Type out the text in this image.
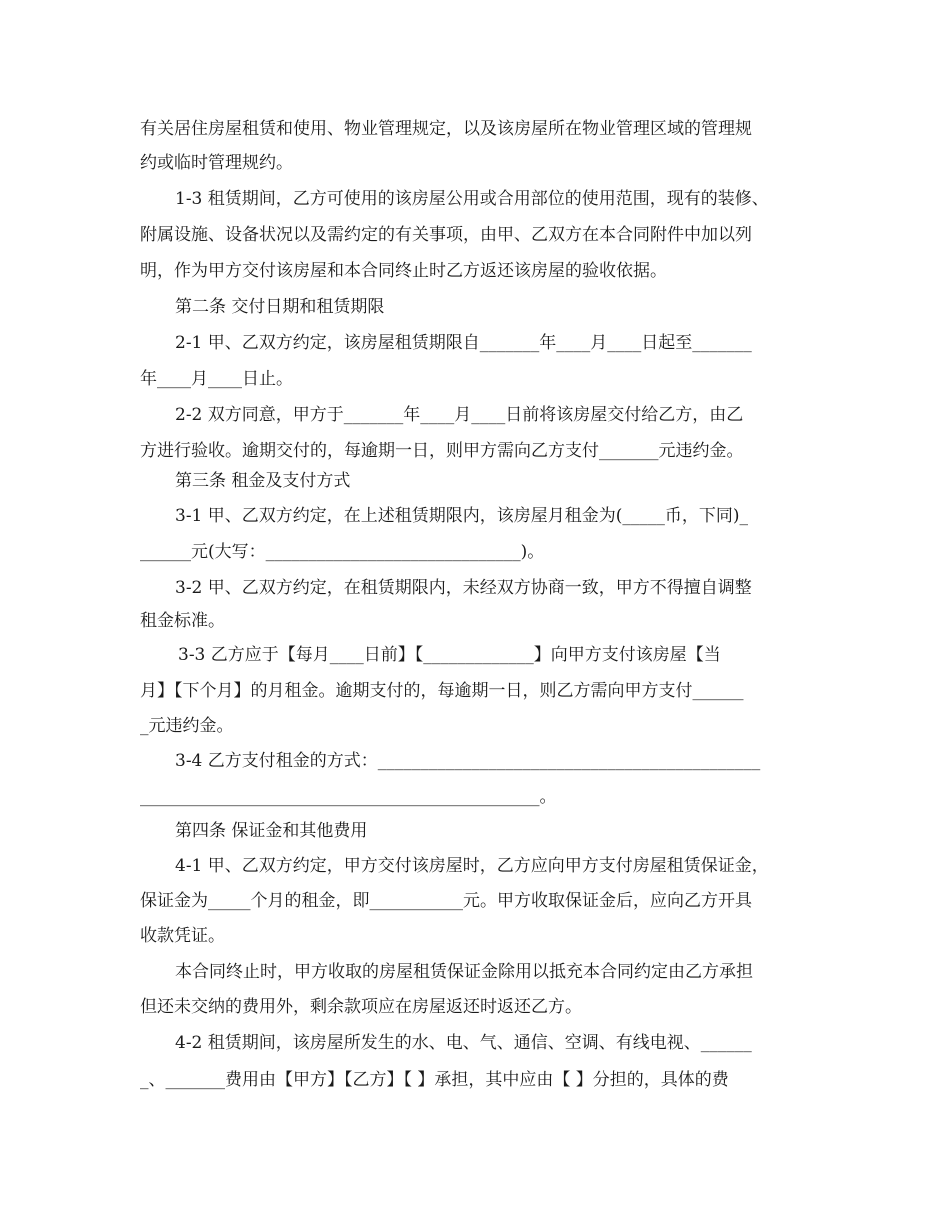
有关居住房屋租赁和使用、物业管理规定，以及该房屋所在物业管理区域的管理规
约或临时管理规约。
1-3 租赁期间，乙方可使用的该房屋公用或合用部位的使用范围，现有的装修、
附属设施、设备状况以及需约定的有关事项，由甲、乙双方在本合同附件中加以列
明，作为甲方交付该房屋和本合同终止时乙方返还该房屋的验收依据。
第二条 交付日期和租赁期限
2-1 甲、乙双方约定，该房屋租赁期限自_______年____月____日起至_______
年____月____日止。
2-2 双方同意，甲方于_______年____月____日前将该房屋交付给乙方，由乙
方进行验收。逾期交付的，每逾期一日，则甲方需向乙方支付_______元违约金。
第三条 租金及支付方式
3-1 甲、乙双方约定，在上述租赁期限内，该房屋月租金为(_____币，下同)_
______元(大写：______________________________)。
3-2 甲、乙双方约定，在租赁期限内，未经双方协商一致，甲方不得擅自调整
租金标准。
3-3 乙方应于【每月____日前】【_____________】向甲方支付该房屋【当
月】【下个月】的月租金。逾期支付的，每逾期一日，则乙方需向甲方支付______
_元违约金。
3-4 乙方支付租金的方式：_____________________________________________
_______________________________________________。
第四条 保证金和其他费用
4-1 甲、乙双方约定，甲方交付该房屋时，乙方应向甲方支付房屋租赁保证金，
保证金为_____个月的租金，即___________元。甲方收取保证金后，应向乙方开具
收款凭证。
本合同终止时，甲方收取的房屋租赁保证金除用以抵充本合同约定由乙方承担
但还未交纳的费用外，剩余款项应在房屋返还时返还乙方。
4-2 租赁期间，该房屋所发生的水、电、气、通信、空调、有线电视、______
_、_______费用由【甲方】【乙方】【 】承担，其中应由【 】分担的，具体的费
